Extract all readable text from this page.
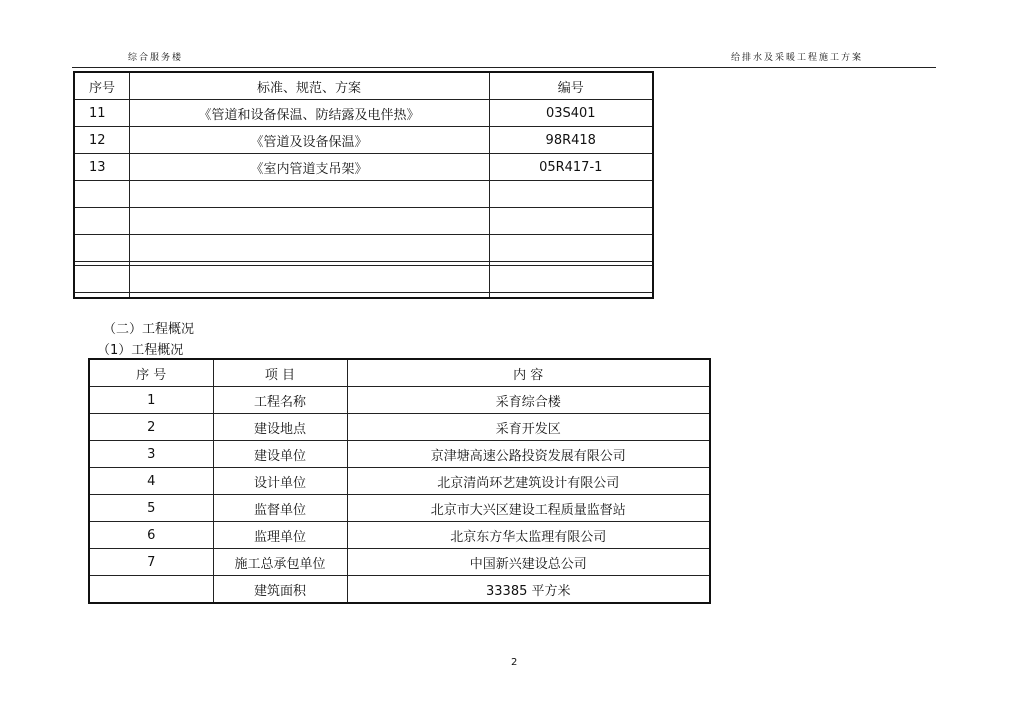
综合服务楼	给排水及采暖工程施工方案
序号	标准、规范、方案	编号
11	《管道和设备保温、防结露及电伴热》	03S401
12	《管道及设备保温》	98R418
13	《室内管道支吊架》	05R417-1

（二）工程概况
（1）工程概况
序 号	项 目	内 容
1	工程名称	采育综合楼
2	建设地点	采育开发区
3	建设单位	京津塘高速公路投资发展有限公司
4	设计单位	北京清尚环艺建筑设计有限公司
5	监督单位	北京市大兴区建设工程质量监督站
6	监理单位	北京东方华太监理有限公司
7	施工总承包单位	中国新兴建设总公司
	建筑面积	33385 平方米
2
